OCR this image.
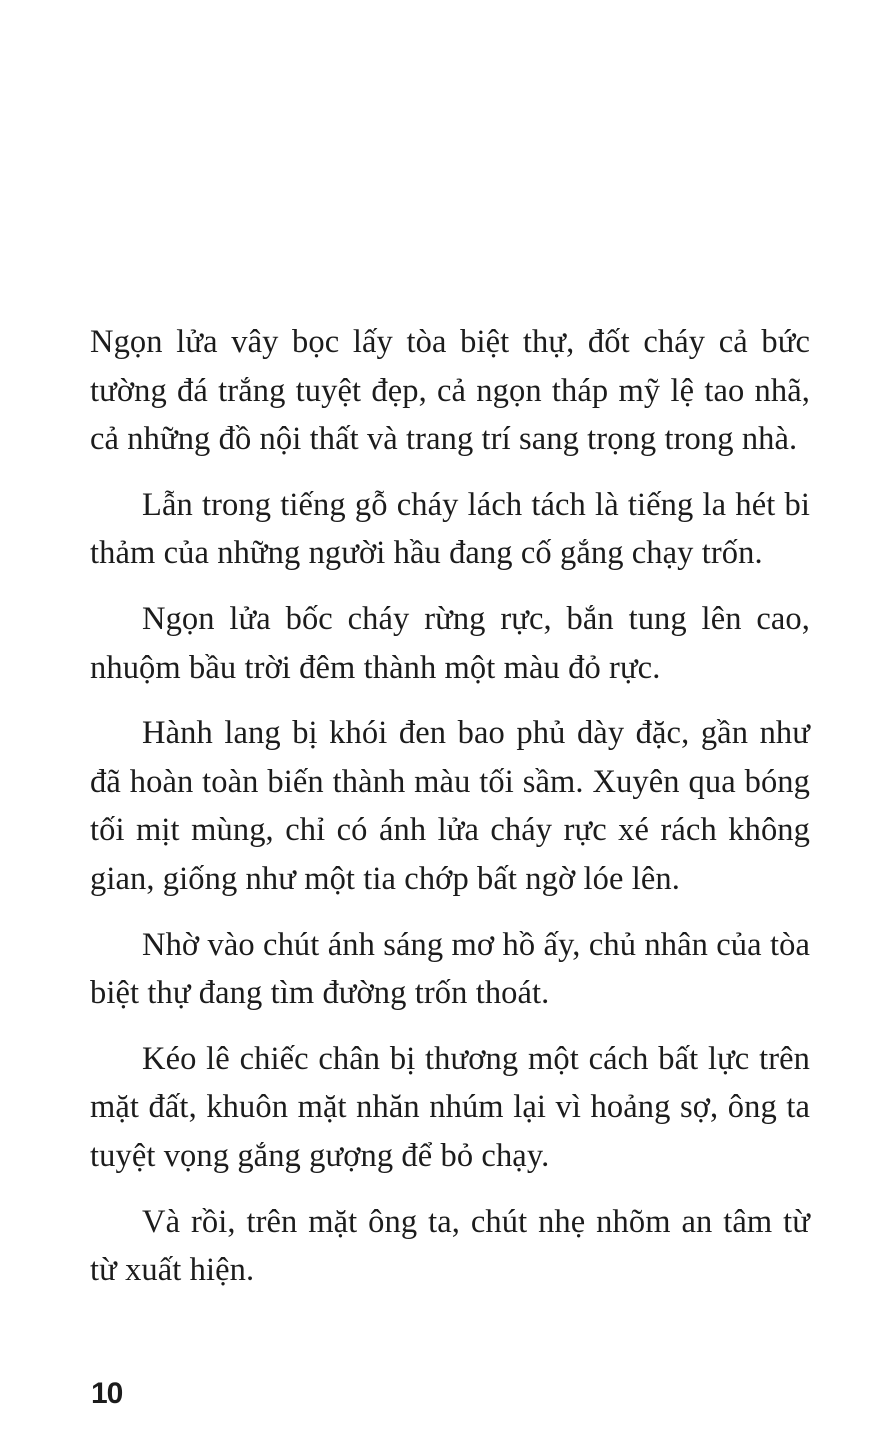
Ngọn lửa vây bọc lấy tòa biệt thự, đốt cháy cả bức tường đá trắng tuyệt đẹp, cả ngọn tháp mỹ lệ tao nhã, cả những đồ nội thất và trang trí sang trọng trong nhà.

Lẫn trong tiếng gỗ cháy lách tách là tiếng la hét bi thảm của những người hầu đang cố gắng chạy trốn.

Ngọn lửa bốc cháy rừng rực, bắn tung lên cao, nhuộm bầu trời đêm thành một màu đỏ rực.

Hành lang bị khói đen bao phủ dày đặc, gần như đã hoàn toàn biến thành màu tối sầm. Xuyên qua bóng tối mịt mùng, chỉ có ánh lửa cháy rực xé rách không gian, giống như một tia chớp bất ngờ lóe lên.

Nhờ vào chút ánh sáng mơ hồ ấy, chủ nhân của tòa biệt thự đang tìm đường trốn thoát.

Kéo lê chiếc chân bị thương một cách bất lực trên mặt đất, khuôn mặt nhăn nhúm lại vì hoảng sợ, ông ta tuyệt vọng gắng gượng để bỏ chạy.

Và rồi, trên mặt ông ta, chút nhẹ nhõm an tâm từ từ xuất hiện.

10
